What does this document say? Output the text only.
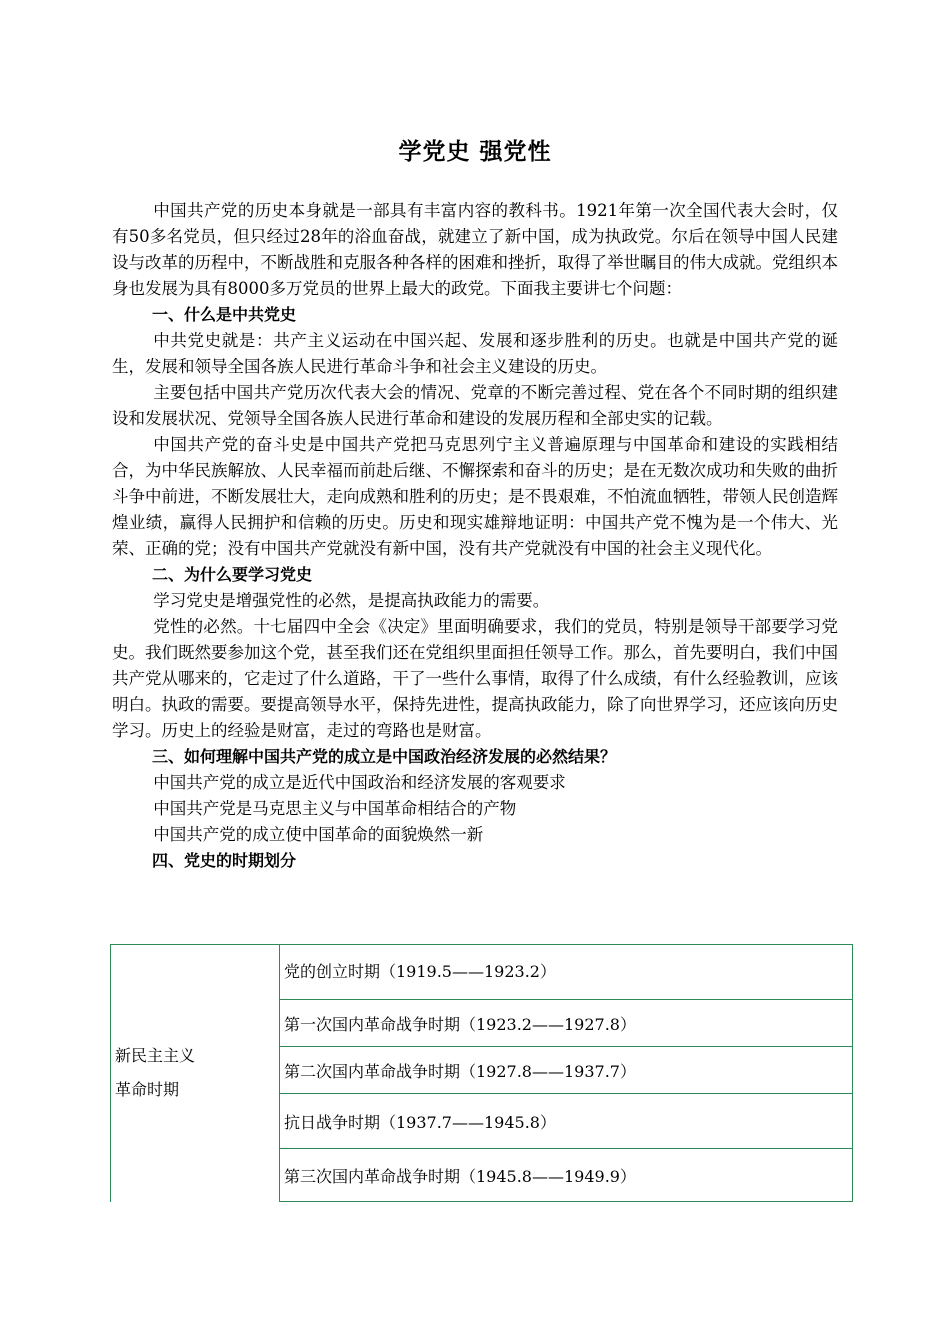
学党史 强党性

中国共产党的历史本身就是一部具有丰富内容的教科书。1921年第一次全国代表大会时，仅有50多名党员，但只经过28年的浴血奋战，就建立了新中国，成为执政党。尔后在领导中国人民建设与改革的历程中，不断战胜和克服各种各样的困难和挫折，取得了举世瞩目的伟大成就。党组织本身也发展为具有8000多万党员的世界上最大的政党。下面我主要讲七个问题：

一、什么是中共党史

中共党史就是：共产主义运动在中国兴起、发展和逐步胜利的历史。也就是中国共产党的诞生，发展和领导全国各族人民进行革命斗争和社会主义建设的历史。

主要包括中国共产党历次代表大会的情况、党章的不断完善过程、党在各个不同时期的组织建设和发展状况、党领导全国各族人民进行革命和建设的发展历程和全部史实的记载。

中国共产党的奋斗史是中国共产党把马克思列宁主义普遍原理与中国革命和建设的实践相结合，为中华民族解放、人民幸福而前赴后继、不懈探索和奋斗的历史；是在无数次成功和失败的曲折斗争中前进，不断发展壮大，走向成熟和胜利的历史；是不畏艰难，不怕流血牺牲，带领人民创造辉煌业绩，赢得人民拥护和信赖的历史。历史和现实雄辩地证明：中国共产党不愧为是一个伟大、光荣、正确的党；没有中国共产党就没有新中国，没有共产党就没有中国的社会主义现代化。

二、为什么要学习党史

学习党史是增强党性的必然，是提高执政能力的需要。

党性的必然。十七届四中全会《决定》里面明确要求，我们的党员，特别是领导干部要学习党史。我们既然要参加这个党，甚至我们还在党组织里面担任领导工作。那么，首先要明白，我们中国共产党从哪来的，它走过了什么道路，干了一些什么事情，取得了什么成绩，有什么经验教训，应该明白。执政的需要。要提高领导水平，保持先进性，提高执政能力，除了向世界学习，还应该向历史学习。历史上的经验是财富，走过的弯路也是财富。

三、如何理解中国共产党的成立是中国政治经济发展的必然结果？

中国共产党的成立是近代中国政治和经济发展的客观要求

中国共产党是马克思主义与中国革命相结合的产物

中国共产党的成立使中国革命的面貌焕然一新

四、党史的时期划分

新民主主义
革命时期
	党的创立时期（1919.5——1923.2）
第一次国内革命战争时期（1923.2——1927.8）
第二次国内革命战争时期（1927.8——1937.7）
抗日战争时期（1937.7——1945.8）
第三次国内革命战争时期（1945.8——1949.9）
